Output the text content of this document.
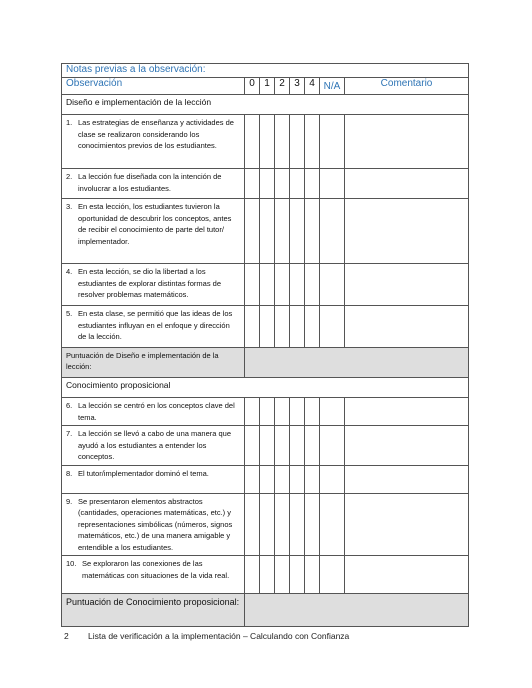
Notas previas a la observación:							
Observación	0	1	2	3	4	N/A	Comentario
Diseño e implementación de la lección							

1. Las estrategias de enseñanza y actividades de clase se realizaron considerando los conocimientos previos de los estudiantes.							

2. La lección fue diseñada con la intención de involucrar a los estudiantes.							

3. En esta lección, los estudiantes tuvieron la oportunidad de descubrir los conceptos, antes de recibir el conocimiento de parte del tutor/ implementador.							

4. En esta lección, se dio la libertad a los estudiantes de explorar distintas formas de resolver problemas matemáticos.							

5. En esta clase, se permitió que las ideas de los estudiantes influyan en el enfoque y dirección de la lección.							

Puntuación de Diseño e implementación de la lección:							
Conocimiento proposicional							

6. La lección se centró en los conceptos clave del tema.							

7. La lección se llevó a cabo de una manera que ayudó a los estudiantes a entender los conceptos.							

8. El tutor/implementador dominó el tema.							

9. Se presentaron elementos abstractos (cantidades, operaciones matemáticas, etc.) y representaciones simbólicas (números, signos matemáticos, etc.) de una manera amigable y entendible a los estudiantes.							

10. Se exploraron las conexiones de las matemáticas con situaciones de la vida real.							

Puntuación de Conocimiento proposicional:							
2 Lista de verificación a la implementación – Calculando con Confianza
